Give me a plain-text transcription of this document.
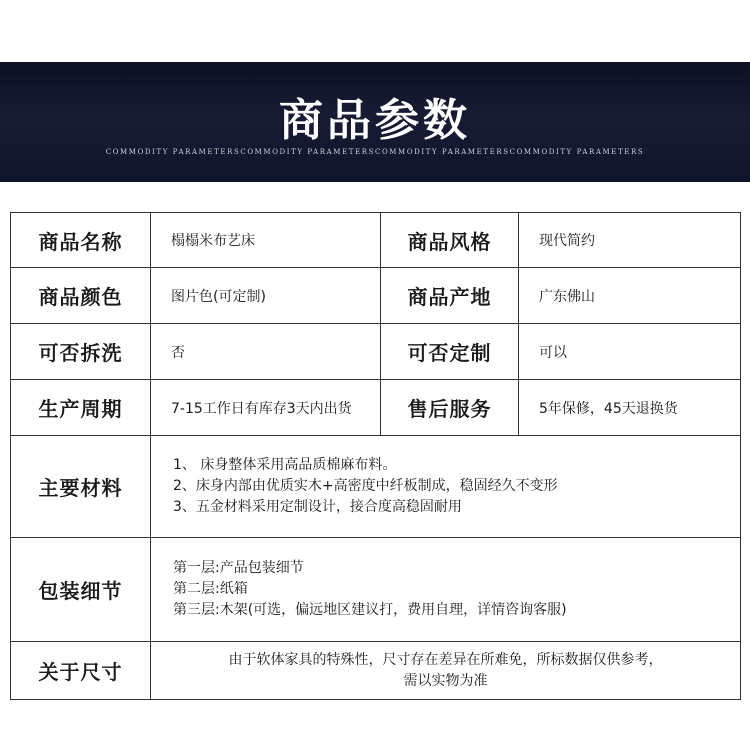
商品参数
COMMODITY PARAMETERSCOMMODITY PARAMETERSCOMMODITY PARAMETERSCOMMODITY PARAMETERS
商品名称	榻榻米布艺床	商品风格	现代简约
商品颜色	图片色(可定制)	商品产地	广东佛山
可否拆洗	否	可否定制	可以
生产周期	7-15工作日有库存3天内出货	售后服务	5年保修，45天退换货
主要材料	1、 床身整体采用高品质棉麻布料。
2、床身内部由优质实木+高密度中纤板制成，稳固经久不变形
3、五金材料采用定制设计，接合度高稳固耐用		

包装细节	第一层:产品包装细节
第二层:纸箱
第三层:木架(可选，偏远地区建议打，费用自理，详情咨询客服)		

关于尺寸	由于软体家具的特殊性，尺寸存在差异在所难免，所标数据仅供参考，
需以实物为准		
